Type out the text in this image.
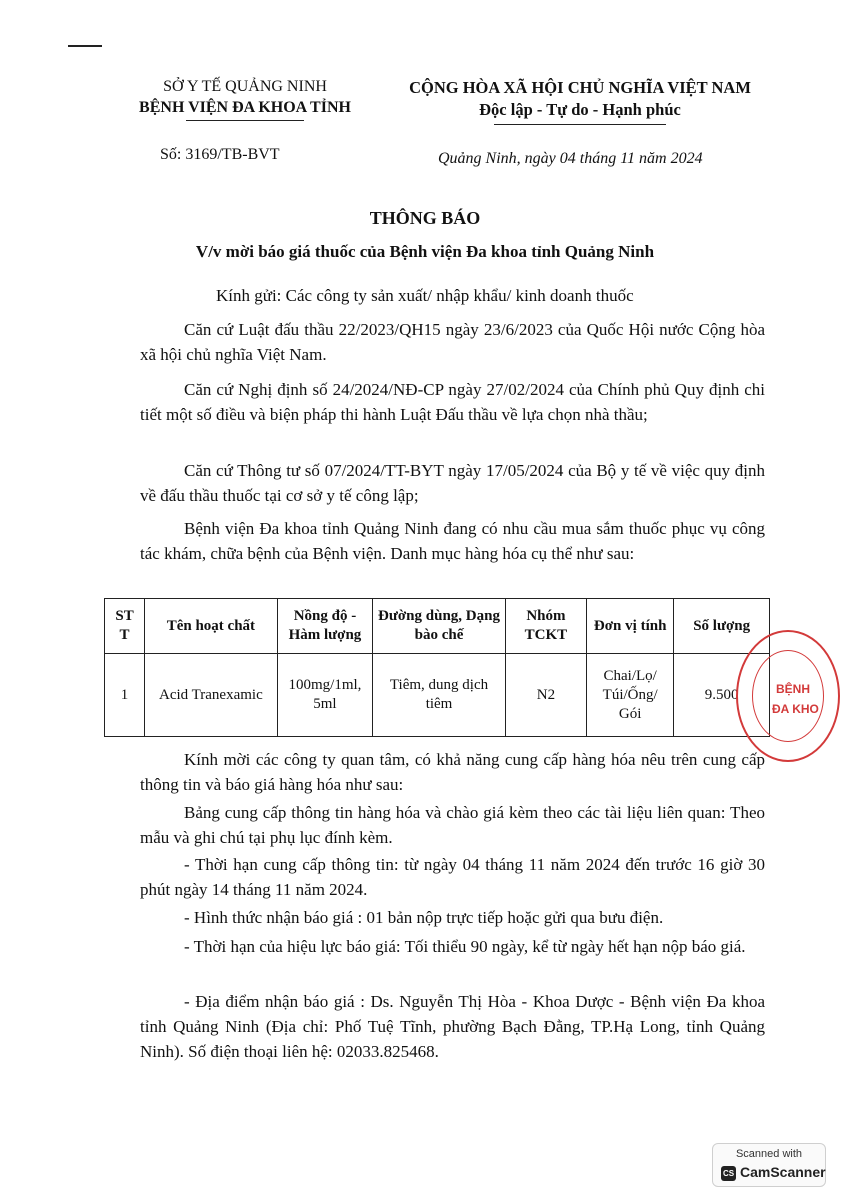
SỞ Y TẾ QUẢNG NINH
BỆNH VIỆN ĐA KHOA TỈNH
CỘNG HÒA XÃ HỘI CHỦ NGHĨA VIỆT NAM
Độc lập - Tự do - Hạnh phúc
Số: 3169/TB-BVT	Quảng Ninh, ngày 04 tháng 11 năm 2024
THÔNG BÁO
V/v mời báo giá thuốc của Bệnh viện Đa khoa tỉnh Quảng Ninh
Kính gửi: Các công ty sản xuất/ nhập khẩu/ kinh doanh thuốc
Căn cứ Luật đấu thầu 22/2023/QH15 ngày 23/6/2023 của Quốc Hội nước Cộng hòa xã hội chủ nghĩa Việt Nam.
Căn cứ Nghị định số 24/2024/NĐ-CP ngày 27/02/2024 của Chính phủ Quy định chi tiết một số điều và biện pháp thi hành Luật Đấu thầu về lựa chọn nhà thầu;
Căn cứ Thông tư số 07/2024/TT-BYT ngày 17/05/2024 của Bộ y tế về việc quy định về đấu thầu thuốc tại cơ sở y tế công lập;
Bệnh viện Đa khoa tỉnh Quảng Ninh đang có nhu cầu mua sắm thuốc phục vụ công tác khám, chữa bệnh của Bệnh viện. Danh mục hàng hóa cụ thể như sau:
ST T	Tên hoạt chất	Nồng độ - Hàm lượng	Đường dùng, Dạng bào chế	Nhóm TCKT	Đơn vị tính	Số lượng
1	Acid Tranexamic	100mg/1ml, 5ml	Tiêm, dung dịch tiêm	N2	Chai/Lọ/ Túi/Ống/ Gói	9.500	BỆNH
ĐA KHO
Kính mời các công ty quan tâm, có khả năng cung cấp hàng hóa nêu trên cung cấp thông tin và báo giá hàng hóa như sau:
Bảng cung cấp thông tin hàng hóa và chào giá kèm theo các tài liệu liên quan: Theo mẫu và ghi chú tại phụ lục đính kèm.
- Thời hạn cung cấp thông tin: từ ngày 04 tháng 11 năm 2024 đến trước 16 giờ 30 phút ngày 14 tháng 11 năm 2024.
- Hình thức nhận báo giá : 01 bản nộp trực tiếp hoặc gửi qua bưu điện.
- Thời hạn của hiệu lực báo giá: Tối thiểu 90 ngày, kể từ ngày hết hạn nộp báo giá.
- Địa điểm nhận báo giá : Ds. Nguyễn Thị Hòa - Khoa Dược - Bệnh viện Đa khoa tỉnh Quảng Ninh (Địa chỉ: Phố Tuệ Tĩnh, phường Bạch Đằng, TP.Hạ Long, tỉnh Quảng Ninh). Số điện thoại liên hệ: 02033.825468.
Scanned with
CS CamScanner
